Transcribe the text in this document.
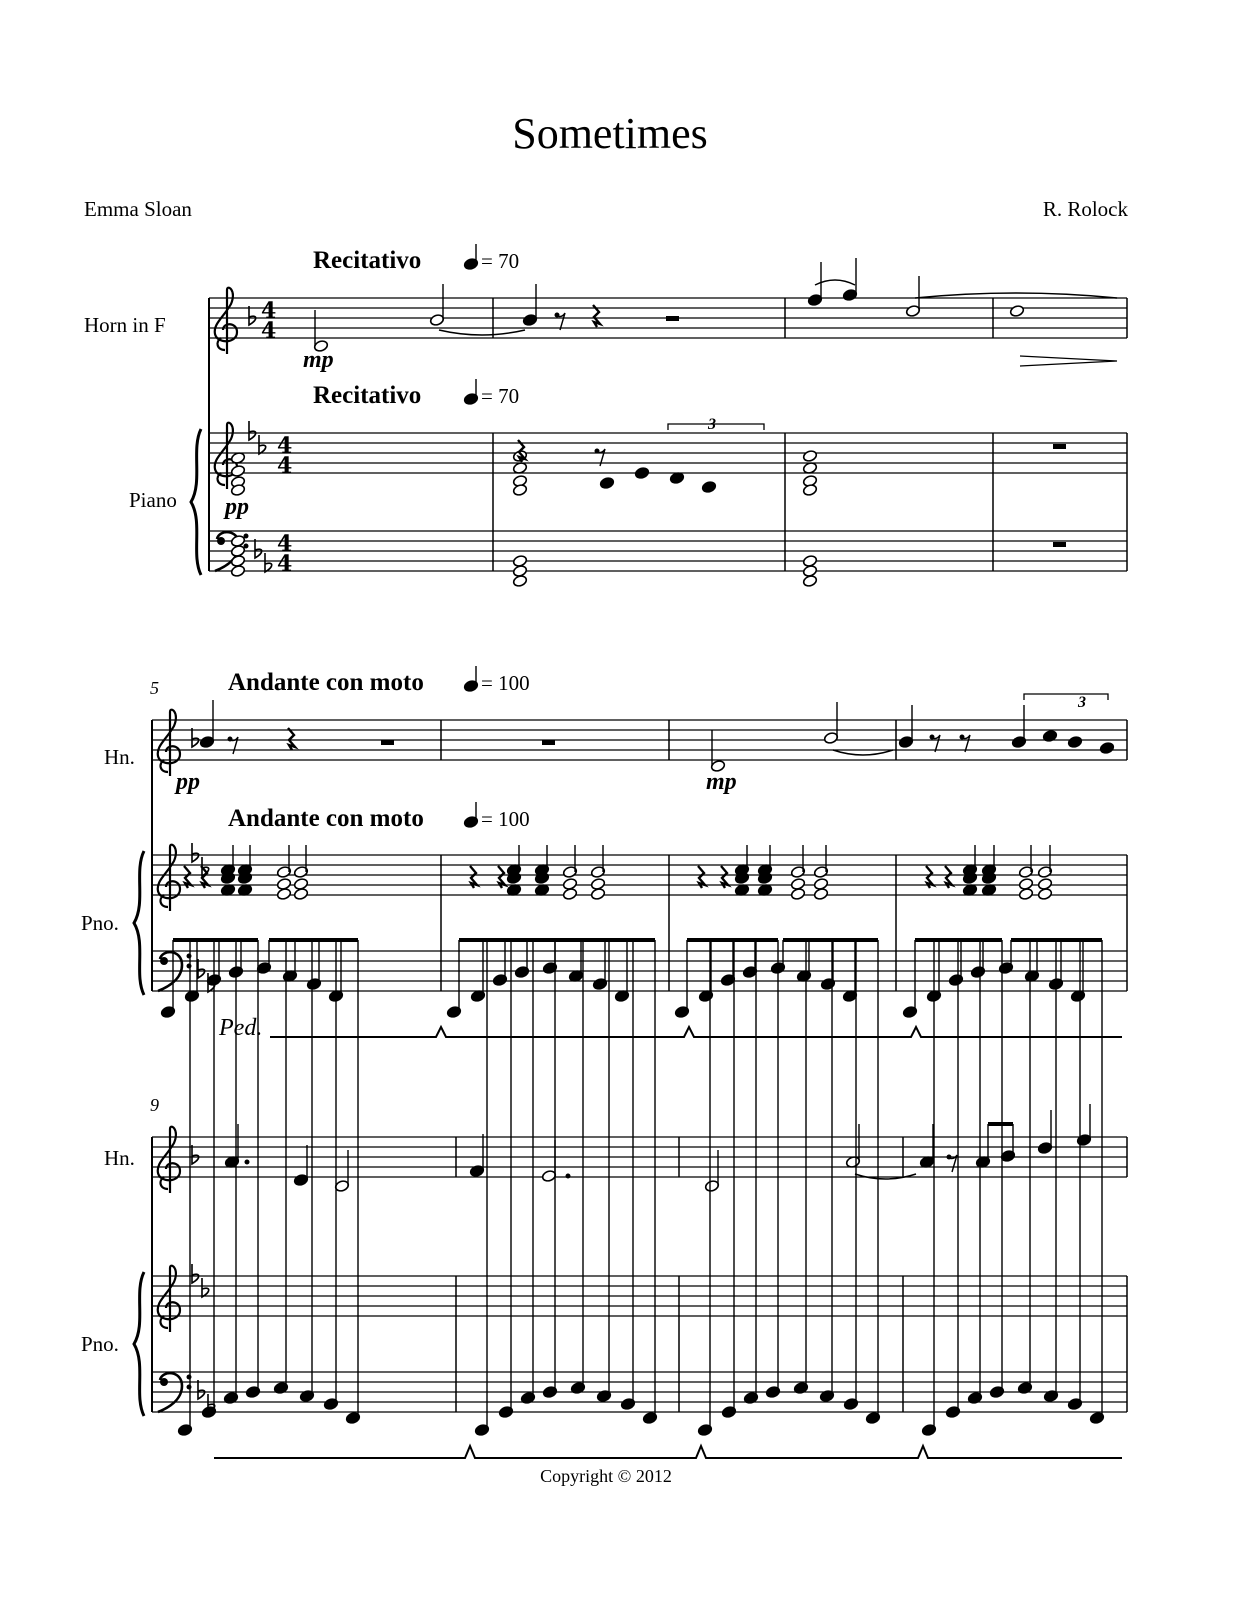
Sometimes
Emma Sloan	R. Rolock
4
4
4
4
4
4
Recitativo	= 70
Recitativo	= 70
Horn in F
Piano
mp
pp
3
5	Andante con moto	= 100
Andante con moto	= 100
Hn.
Pno.
pp	mp
3
Ped.
9
Hn.
Pno.
Copyright © 2012
